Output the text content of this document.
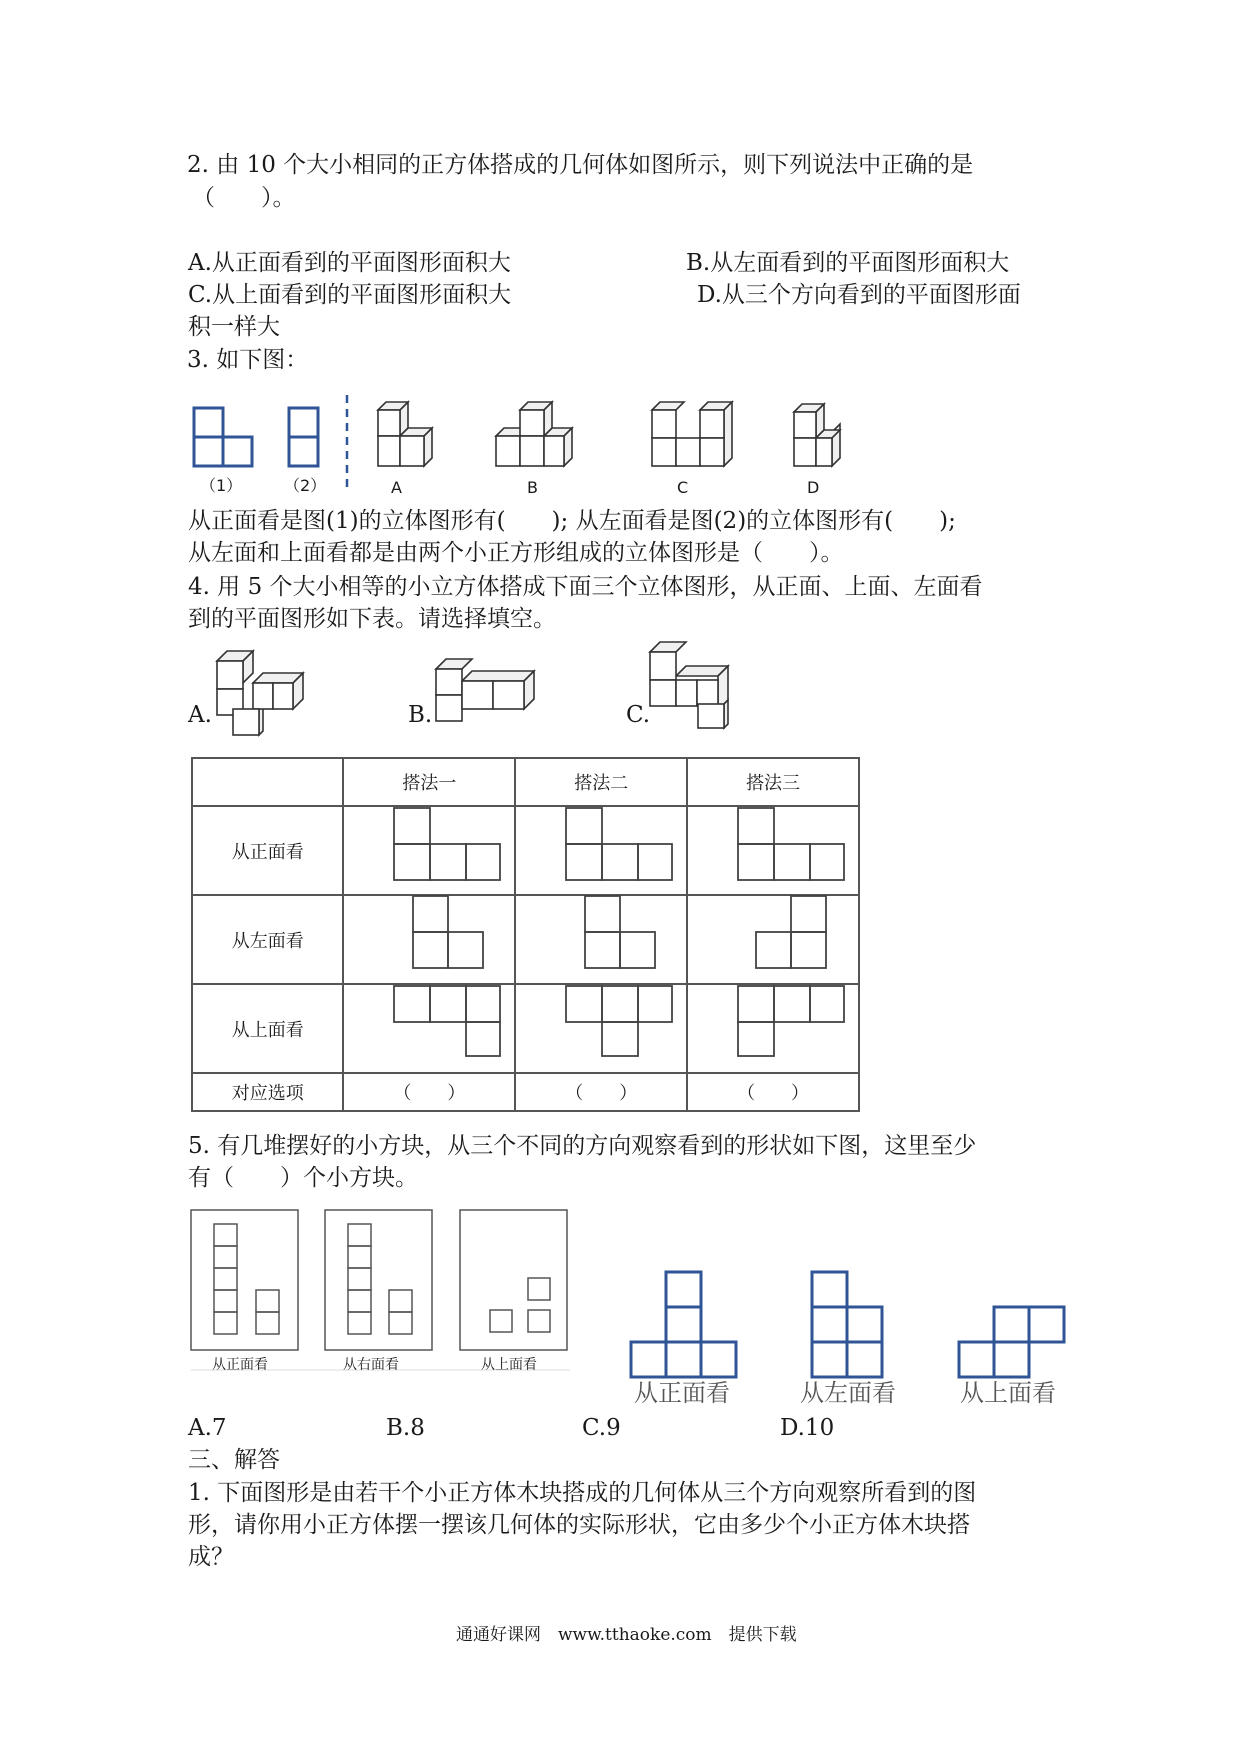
2. 由 10 个大小相同的正方体搭成的几何体如图所示，则下列说法中正确的是
（　　）。
A.从正面看到的平面图形面积大	B.从左面看到的平面图形面积大
C.从上面看到的平面图形面积大	D.从三个方向看到的平面图形面
积一样大
3. 如下图：
（1）	（2）	A	B	C	D
从正面看是图(1)的立体图形有(　　); 从左面看是图(2)的立体图形有(　　);
从左面和上面看都是由两个小正方形组成的立体图形是（　　）。
4. 用 5 个大小相等的小立方体搭成下面三个立体图形，从正面、上面、左面看
到的平面图形如下表。请选择填空。
A.	B.	C.
	搭法一	搭法二	搭法三
从正面看			
从左面看			
从上面看			
对应选项	（　　）	（　　）	（　　）
5. 有几堆摆好的小方块，从三个不同的方向观察看到的形状如下图，这里至少
有（　　）个小方块。
从正面看	从右面看	从上面看
从正面看	从左面看	从上面看
A.7	B.8	C.9	D.10
三、解答
1. 下面图形是由若干个小正方体木块搭成的几何体从三个方向观察所看到的图
形，请你用小正方体摆一摆该几何体的实际形状，它由多少个小正方体木块搭
成？
通通好课网　www.tthaoke.com　提供下载
